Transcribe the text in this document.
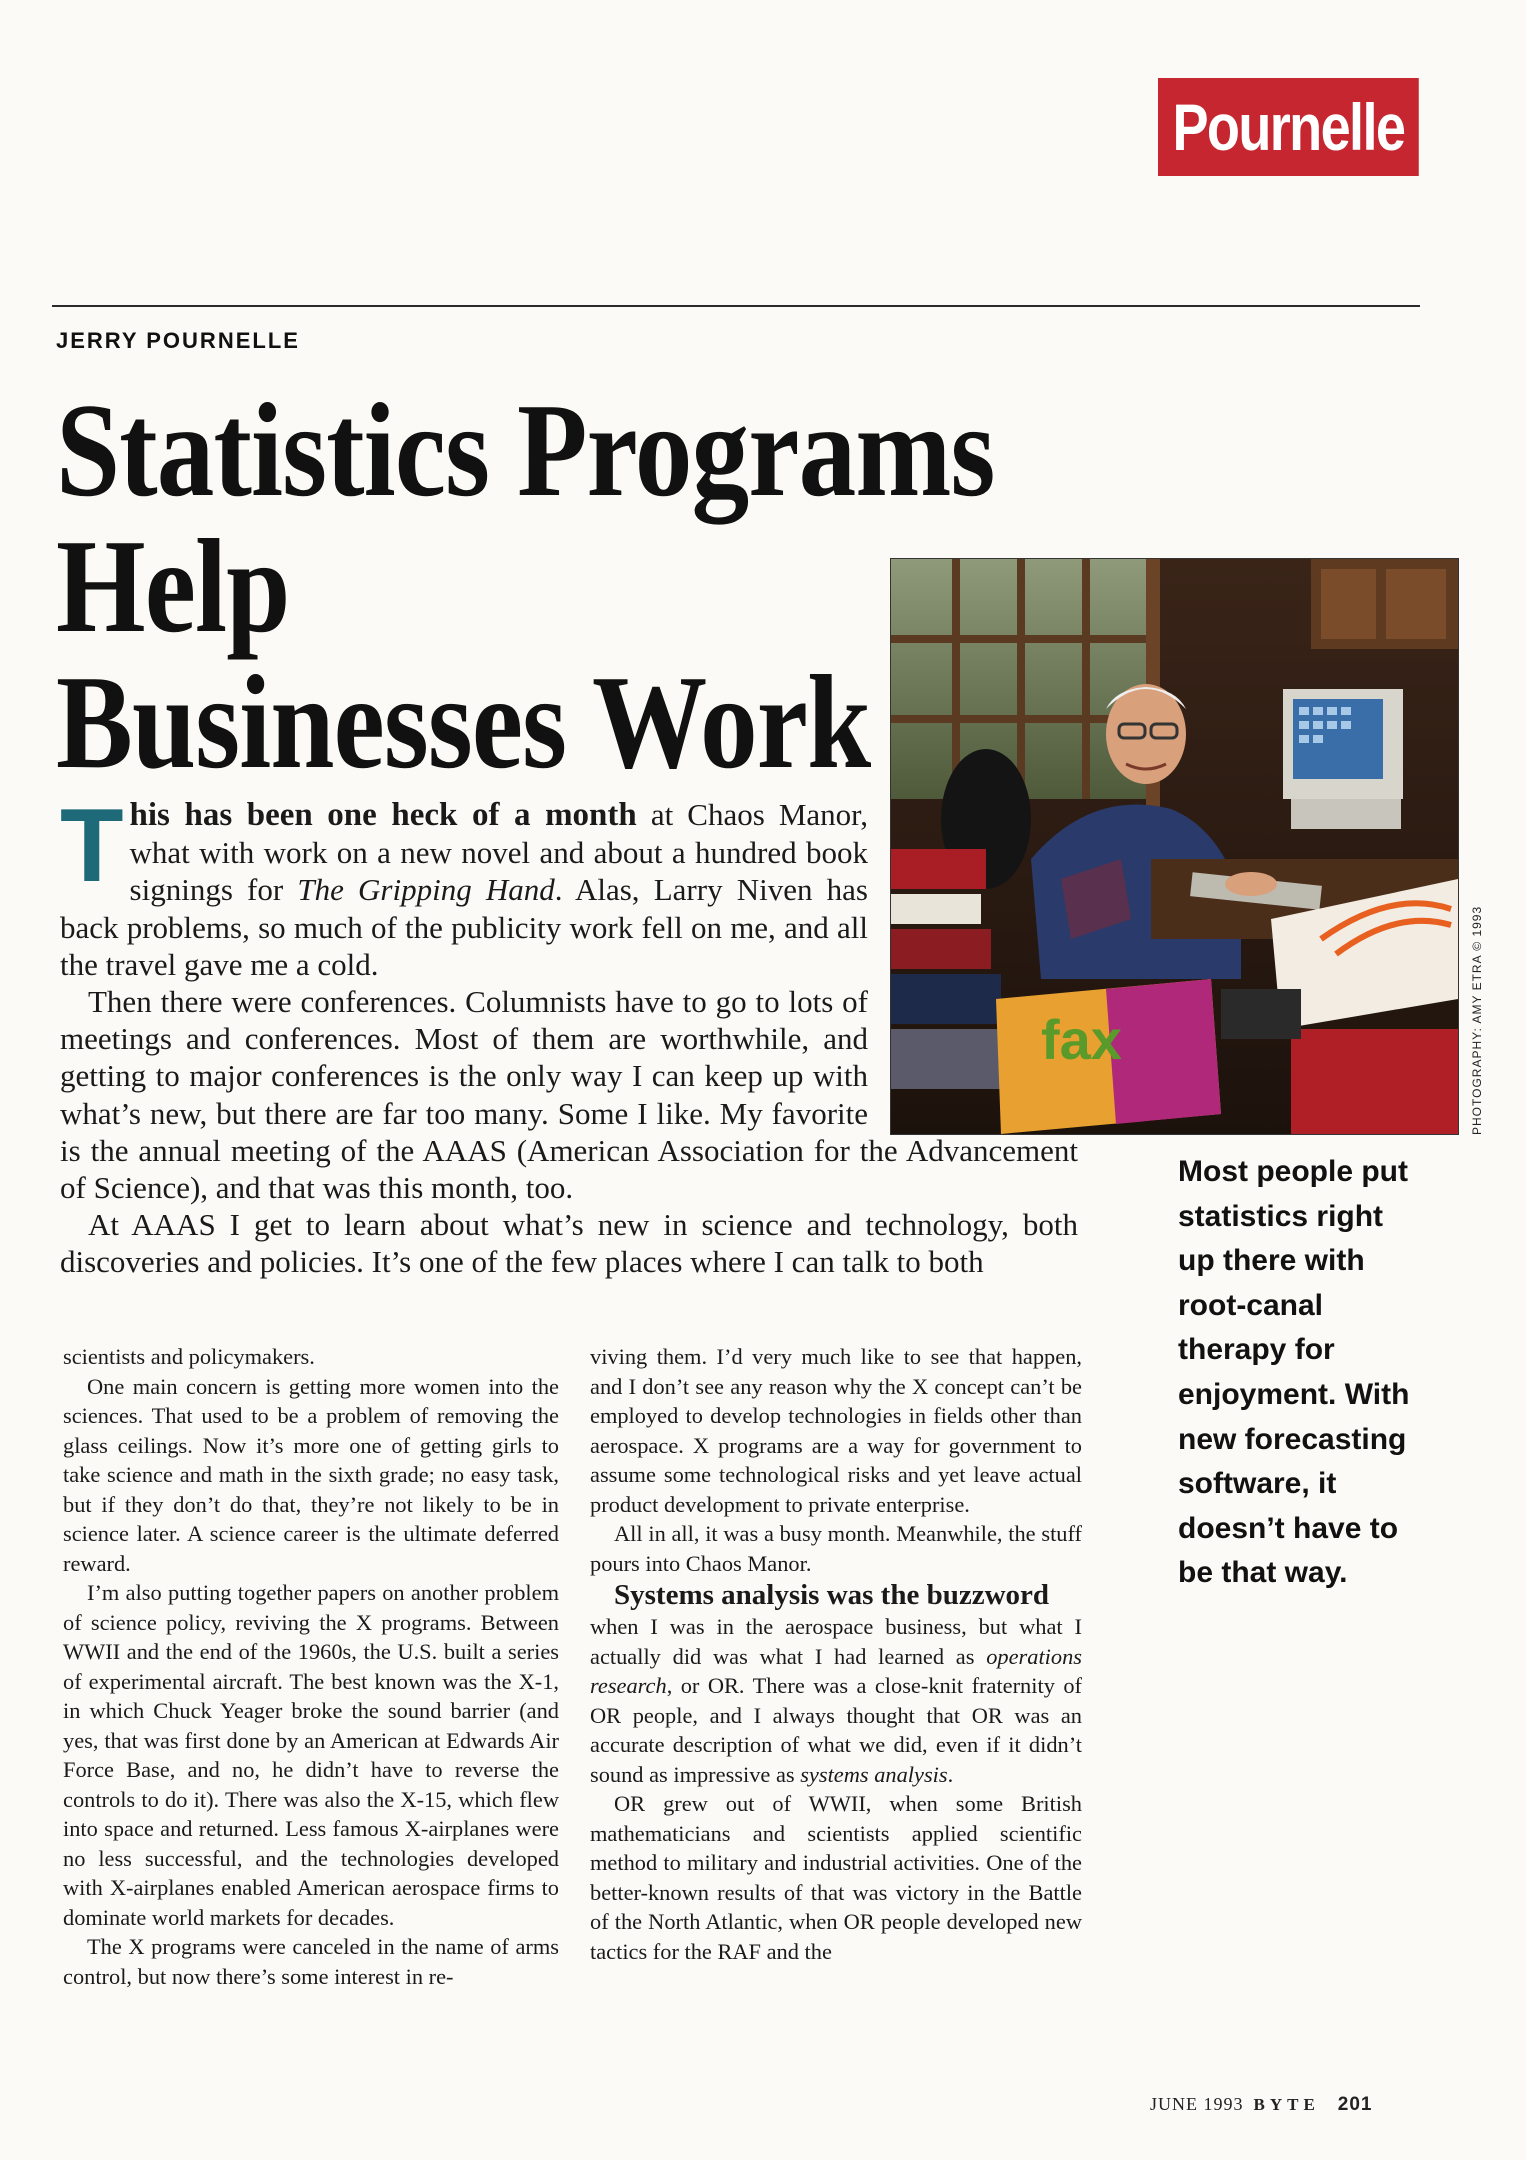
Pournelle
JERRY POURNELLE
Statistics Programs Help
Businesses Work
fax	PHOTOGRAPHY: AMY ETRA © 1993
Most people put statistics right up there with root-canal therapy for enjoyment. With new forecasting software, it doesn’t have to be that way.

This has been one heck of a month at Chaos Manor, what with work on a new novel and about a hundred book signings for The Gripping Hand. Alas, Larry Niven has back problems, so much of the publicity work fell on me, and all the travel gave me a cold.

Then there were conferences. Columnists have to go to lots of meetings and conferences. Most of them are worthwhile, and getting to major conferences is the only way I can keep up with what’s new, but there are far too many. Some I like. My favorite is the annual meeting of the AAAS (American Association for the Advancement of Science), and that was this month, too.

At AAAS I get to learn about what’s new in science and technology, both discoveries and policies. It’s one of the few places where I can talk to both

scientists and policymakers.

One main concern is getting more women into the sciences. That used to be a problem of removing the glass ceilings. Now it’s more one of getting girls to take science and math in the sixth grade; no easy task, but if they don’t do that, they’re not likely to be in science later. A science career is the ultimate deferred reward.

I’m also putting together papers on another problem of science policy, reviving the X programs. Between WWII and the end of the 1960s, the U.S. built a series of experimental aircraft. The best known was the X-1, in which Chuck Yeager broke the sound barrier (and yes, that was first done by an American at Edwards Air Force Base, and no, he didn’t have to reverse the controls to do it). There was also the X-15, which flew into space and returned. Less famous X-airplanes were no less successful, and the technologies developed with X-airplanes enabled American aerospace firms to dominate world markets for decades.

The X programs were canceled in the name of arms control, but now there’s some interest in re-

viving them. I’d very much like to see that happen, and I don’t see any reason why the X concept can’t be employed to develop technologies in fields other than aerospace. X programs are a way for government to assume some technological risks and yet leave actual product development to private enterprise.

All in all, it was a busy month. Meanwhile, the stuff pours into Chaos Manor.

Systems analysis was the buzzword

when I was in the aerospace business, but what I actually did was what I had learned as operations research, or OR. There was a close-knit fraternity of OR people, and I always thought that OR was an accurate description of what we did, even if it didn’t sound as impressive as systems analysis.

OR grew out of WWII, when some British mathematicians and scientists applied scientific method to military and industrial activities. One of the better-known results of that was victory in the Battle of the North Atlantic, when OR people developed new tactics for the RAF and the

JUNE 1993 BYTE 201
